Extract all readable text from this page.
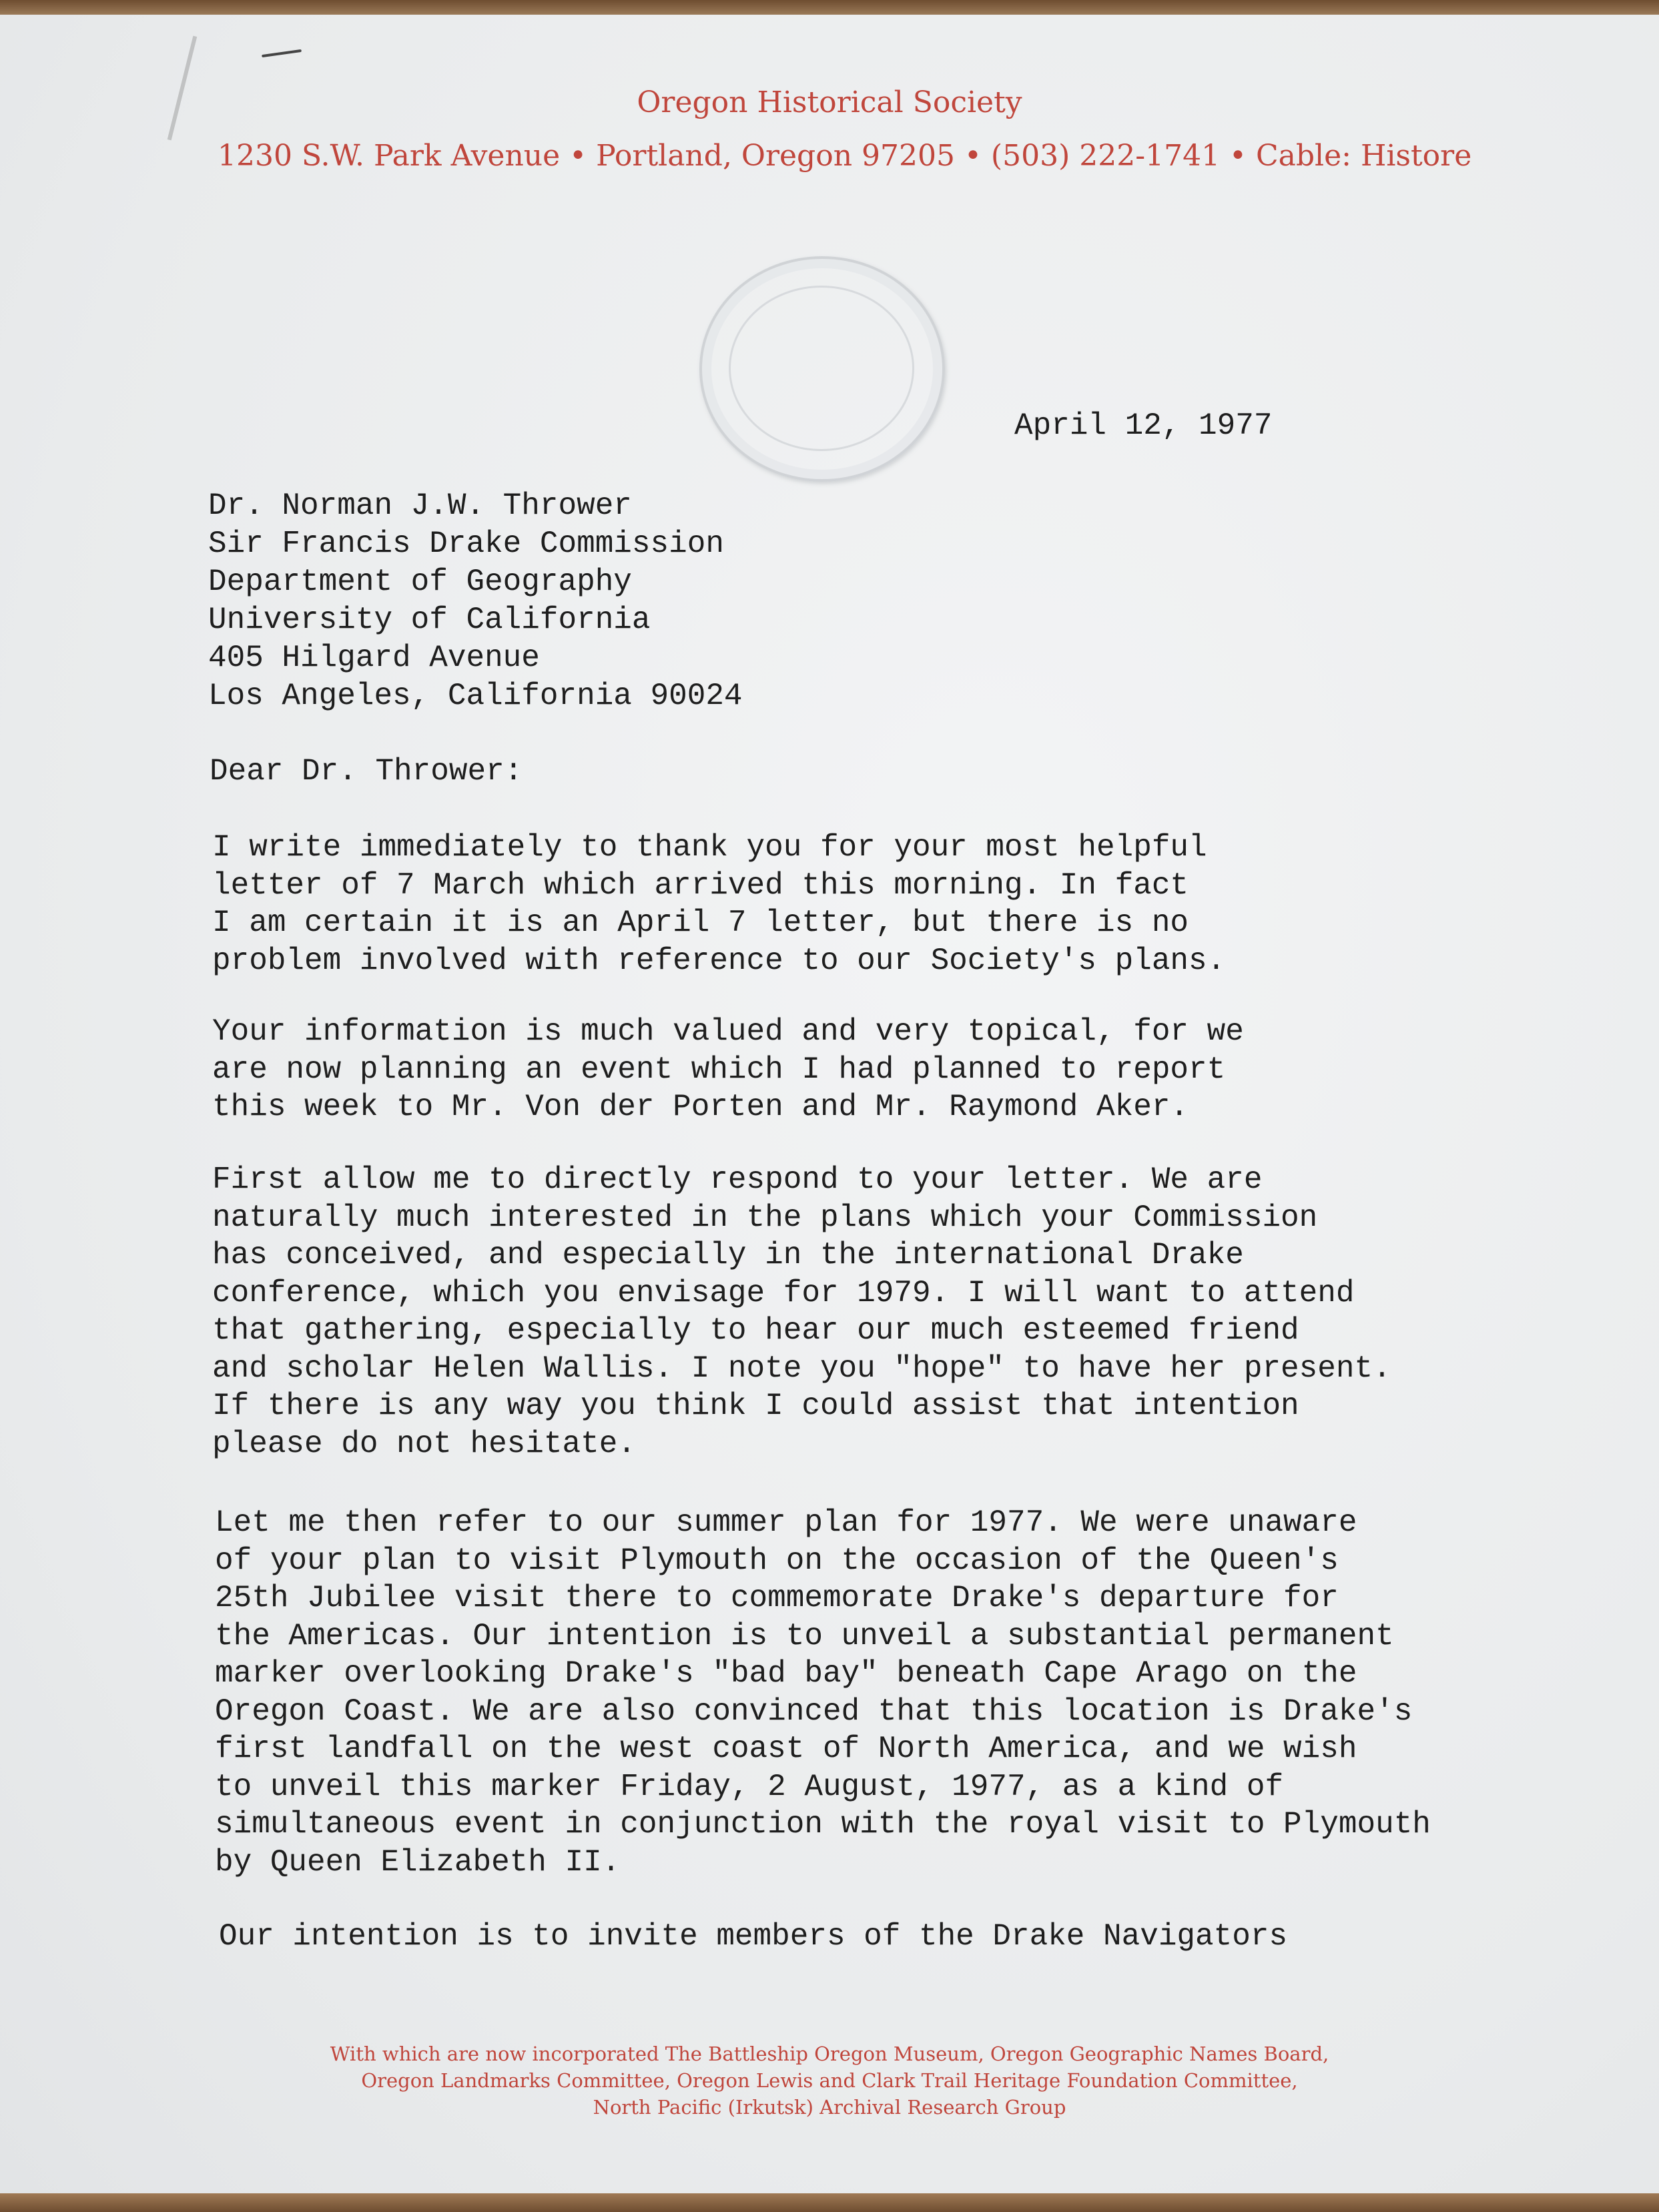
Oregon Historical Society
1230 S.W. Park Avenue • Portland, Oregon 97205 • (503) 222-1741 • Cable: Histore
April 12, 1977
Dr. Norman J.W. Thrower
Sir Francis Drake Commission
Department of Geography
University of California
405 Hilgard Avenue
Los Angeles, California 90024
Dear Dr. Thrower:
I write immediately to thank you for your most helpful
letter of 7 March which arrived this morning. In fact
I am certain it is an April 7 letter, but there is no
problem involved with reference to our Society's plans.
Your information is much valued and very topical, for we
are now planning an event which I had planned to report
this week to Mr. Von der Porten and Mr. Raymond Aker.
First allow me to directly respond to your letter. We are
naturally much interested in the plans which your Commission
has conceived, and especially in the international Drake
conference, which you envisage for 1979. I will want to attend
that gathering, especially to hear our much esteemed friend
and scholar Helen Wallis. I note you "hope" to have her present.
If there is any way you think I could assist that intention
please do not hesitate.
Let me then refer to our summer plan for 1977. We were unaware
of your plan to visit Plymouth on the occasion of the Queen's
25th Jubilee visit there to commemorate Drake's departure for
the Americas. Our intention is to unveil a substantial permanent
marker overlooking Drake's "bad bay" beneath Cape Arago on the
Oregon Coast. We are also convinced that this location is Drake's
first landfall on the west coast of North America, and we wish
to unveil this marker Friday, 2 August, 1977, as a kind of
simultaneous event in conjunction with the royal visit to Plymouth
by Queen Elizabeth II.
Our intention is to invite members of the Drake Navigators
With which are now incorporated The Battleship Oregon Museum, Oregon Geographic Names Board,
Oregon Landmarks Committee, Oregon Lewis and Clark Trail Heritage Foundation Committee,
North Pacific (Irkutsk) Archival Research Group
